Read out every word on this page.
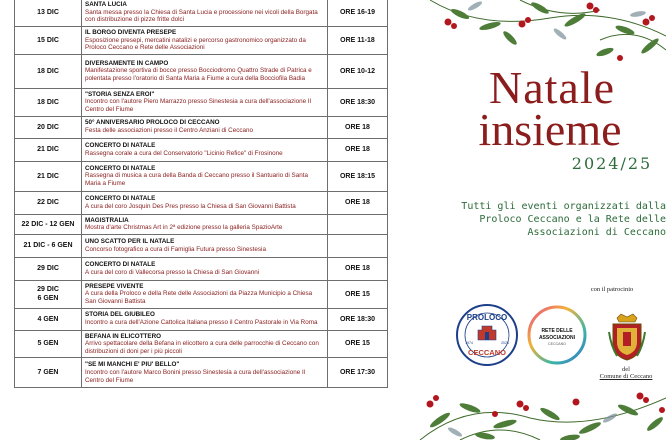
13 DIC	SANTA LUCIA
Santa messa presso la Chiesa di Santa Lucia e processione nei vicoli della Borgata con distribuzione di pizze fritte dolci	ORE 16-19
15 DIC	IL BORGO DIVENTA PRESEPE
Esposizione presepi, mercatini natalizi e percorso gastronomico organizzato da Proloco Ceccano e Rete delle Associazioni	ORE 11-18
18 DIC	DIVERSAMENTE IN CAMPO
Manifestazione sportiva di bocce presso Bocciodromo Quattro Strade di Patrica e polentata presso l'oratorio di Santa Maria a Fiume a cura della Bocciofila Badia	ORE 10-12
18 DIC	"STORIA SENZA EROI"
Incontro con l'autore Piero Marrazzo presso Sinestesia a cura dell'associazione Il Centro del Fiume	ORE 18:30
20 DIC	50° ANNIVERSARIO PROLOCO DI CECCANO
Festa delle associazioni presso il Centro Anziani di Ceccano	ORE 18
21 DIC	CONCERTO DI NATALE
Rassegna corale a cura del Conservatorio "Licinio Refice" di Frosinone	ORE 18
21 DIC	CONCERTO DI NATALE
Rassegna di musica a cura della Banda di Ceccano presso il Santuario di Santa Maria a Fiume	ORE 18:15
22 DIC	CONCERTO DI NATALE
A cura del coro Josquin Des Pres presso la Chiesa di San Giovanni Battista	ORE 18
22 DIC - 12 GEN	MAGISTRALIA
Mostra d'arte Christmas Art in 2ª edizione presso la galleria SpazioArte	

21 DIC - 6 GEN	UNO SCATTO PER IL NATALE
Concorso fotografico a cura di Famiglia Futura presso Sinestesia	

29 DIC	CONCERTO DI NATALE
A cura del coro di Vallecorsa presso la Chiesa di San Giovanni	ORE 18
29 DIC
6 GEN	PRESEPE VIVENTE
A cura della Proloco e della Rete delle Associazioni da Piazza Municipio a Chiesa San Giovanni Battista	ORE 15
4 GEN	STORIA DEL GIUBILEO
Incontro a cura dell'Azione Cattolica Italiana presso il Centro Pastorale in Via Roma	ORE 18:30
5 GEN	BEFANA IN ELICOTTERO
Arrivo spettacolare della Befana in elicottero a cura delle parrocchie di Ceccano con distribuzioni di doni per i più piccoli	ORE 15
7 GEN	"SE MI MANCHI E' PIU' BELLO"
Incontro con l'autore Marco Bonini presso Sinestesia a cura dell'associazione Il Centro del Fiume	ORE 17:30
Natale
insieme
2024/25
Tutti gli eventi organizzati dalla
Proloco Ceccano e la Rete delle
Associazioni di Ceccano
con il patrocinio
PROLOCO
CECCANO
1974	2024
RETE DELLE
ASSOCIAZIONI
CECCANO
del
Comune di Ceccano
